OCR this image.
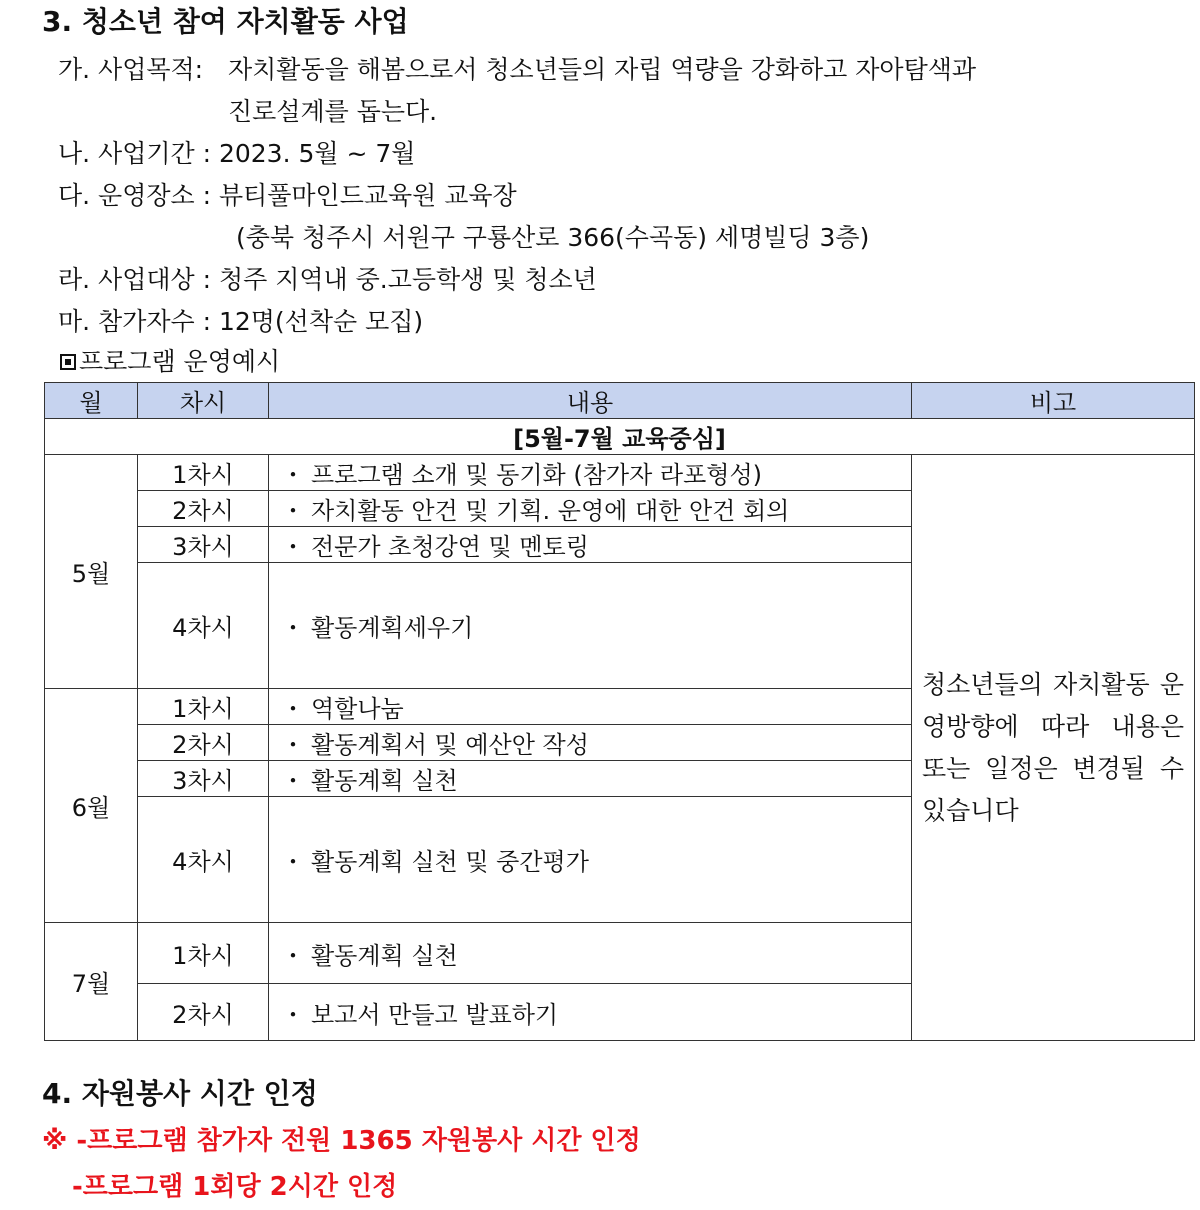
3. 청소년 참여 자치활동 사업
가. 사업목적: 자치활동을 해봄으로서 청소년들의 자립 역량을 강화하고 자아탐색과
진로설계를 돕는다.
나. 사업기간 : 2023. 5월 ~ 7월
다. 운영장소 : 뷰티풀마인드교육원 교육장
(충북 청주시 서원구 구룡산로 366(수곡동) 세명빌딩 3층)
라. 사업대상 : 청주 지역내 중.고등학생 및 청소년
마. 참가자수 : 12명(선착순 모집)
프로그램 운영예시
월	차시	내용	비고
[5월-7월 교육중심]			
5월	1차시	・ 프로그램 소개 및 동기화 (참가자 라포형성)	청소년들의 자치활동 운영방향에 따라 내용은 또는 일정은 변경될 수 있습니다
	2차시	・ 자치활동 안건 및 기획. 운영에 대한 안건 회의	
	3차시	・ 전문가 초청강연 및 멘토링	
	4차시	・ 활동계획세우기	
6월	1차시	・ 역할나눔	
	2차시	・ 활동계획서 및 예산안 작성	
	3차시	・ 활동계획 실천	
	4차시	・ 활동계획 실천 및 중간평가	
7월	1차시	・ 활동계획 실천	
	2차시	・ 보고서 만들고 발표하기	
4. 자원봉사 시간 인정
※ -프로그램 참가자 전원 1365 자원봉사 시간 인정
-프로그램 1회당 2시간 인정
